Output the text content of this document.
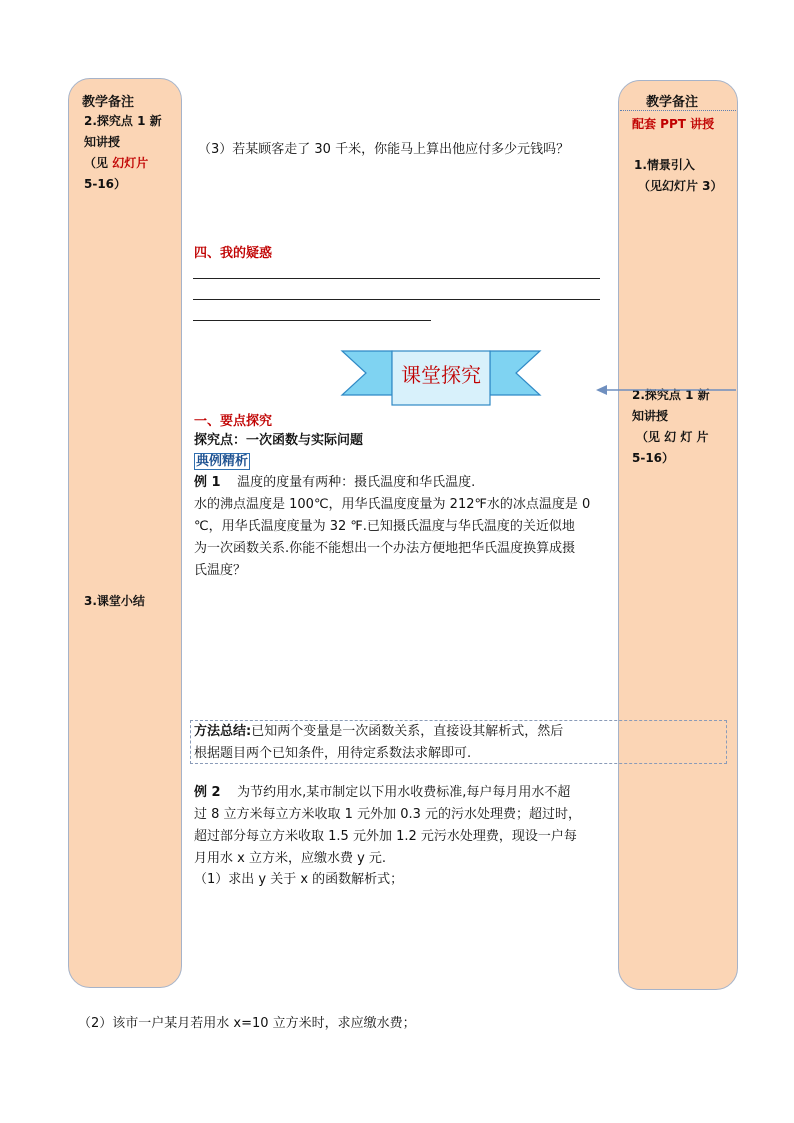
教学备注
2.探究点 1 新
知讲授
（见 幻灯片
5-16）
3.课堂小结
教学备注
配套 PPT 讲授
1.情景引入
（见幻灯片 3）
2.探究点 1 新
知讲授
（见 幻 灯 片
5-16）
（3）若某顾客走了 30 千米，你能马上算出他应付多少元钱吗？
四、我的疑惑
课堂探究
一、要点探究
探究点：一次函数与实际问题
典例精析
例 1 温度的度量有两种：摄氏温度和华氏温度.
水的沸点温度是 100℃，用华氏温度度量为 212℉水的冰点温度是 0
℃，用华氏温度度量为 32 ℉.已知摄氏温度与华氏温度的关近似地
为一次函数关系.你能不能想出一个办法方便地把华氏温度换算成摄
氏温度？
方法总结:已知两个变量是一次函数关系，直接设其解析式，然后
根据题目两个已知条件，用待定系数法求解即可.
例 2 为节约用水,某市制定以下用水收费标准,每户每月用水不超
过 8 立方米每立方米收取 1 元外加 0.3 元的污水处理费；超过时，
超过部分每立方米收取 1.5 元外加 1.2 元污水处理费，现设一户每
月用水 x 立方米，应缴水费 y 元.
（1）求出 y 关于 x 的函数解析式；
（2）该市一户某月若用水 x=10 立方米时，求应缴水费；
